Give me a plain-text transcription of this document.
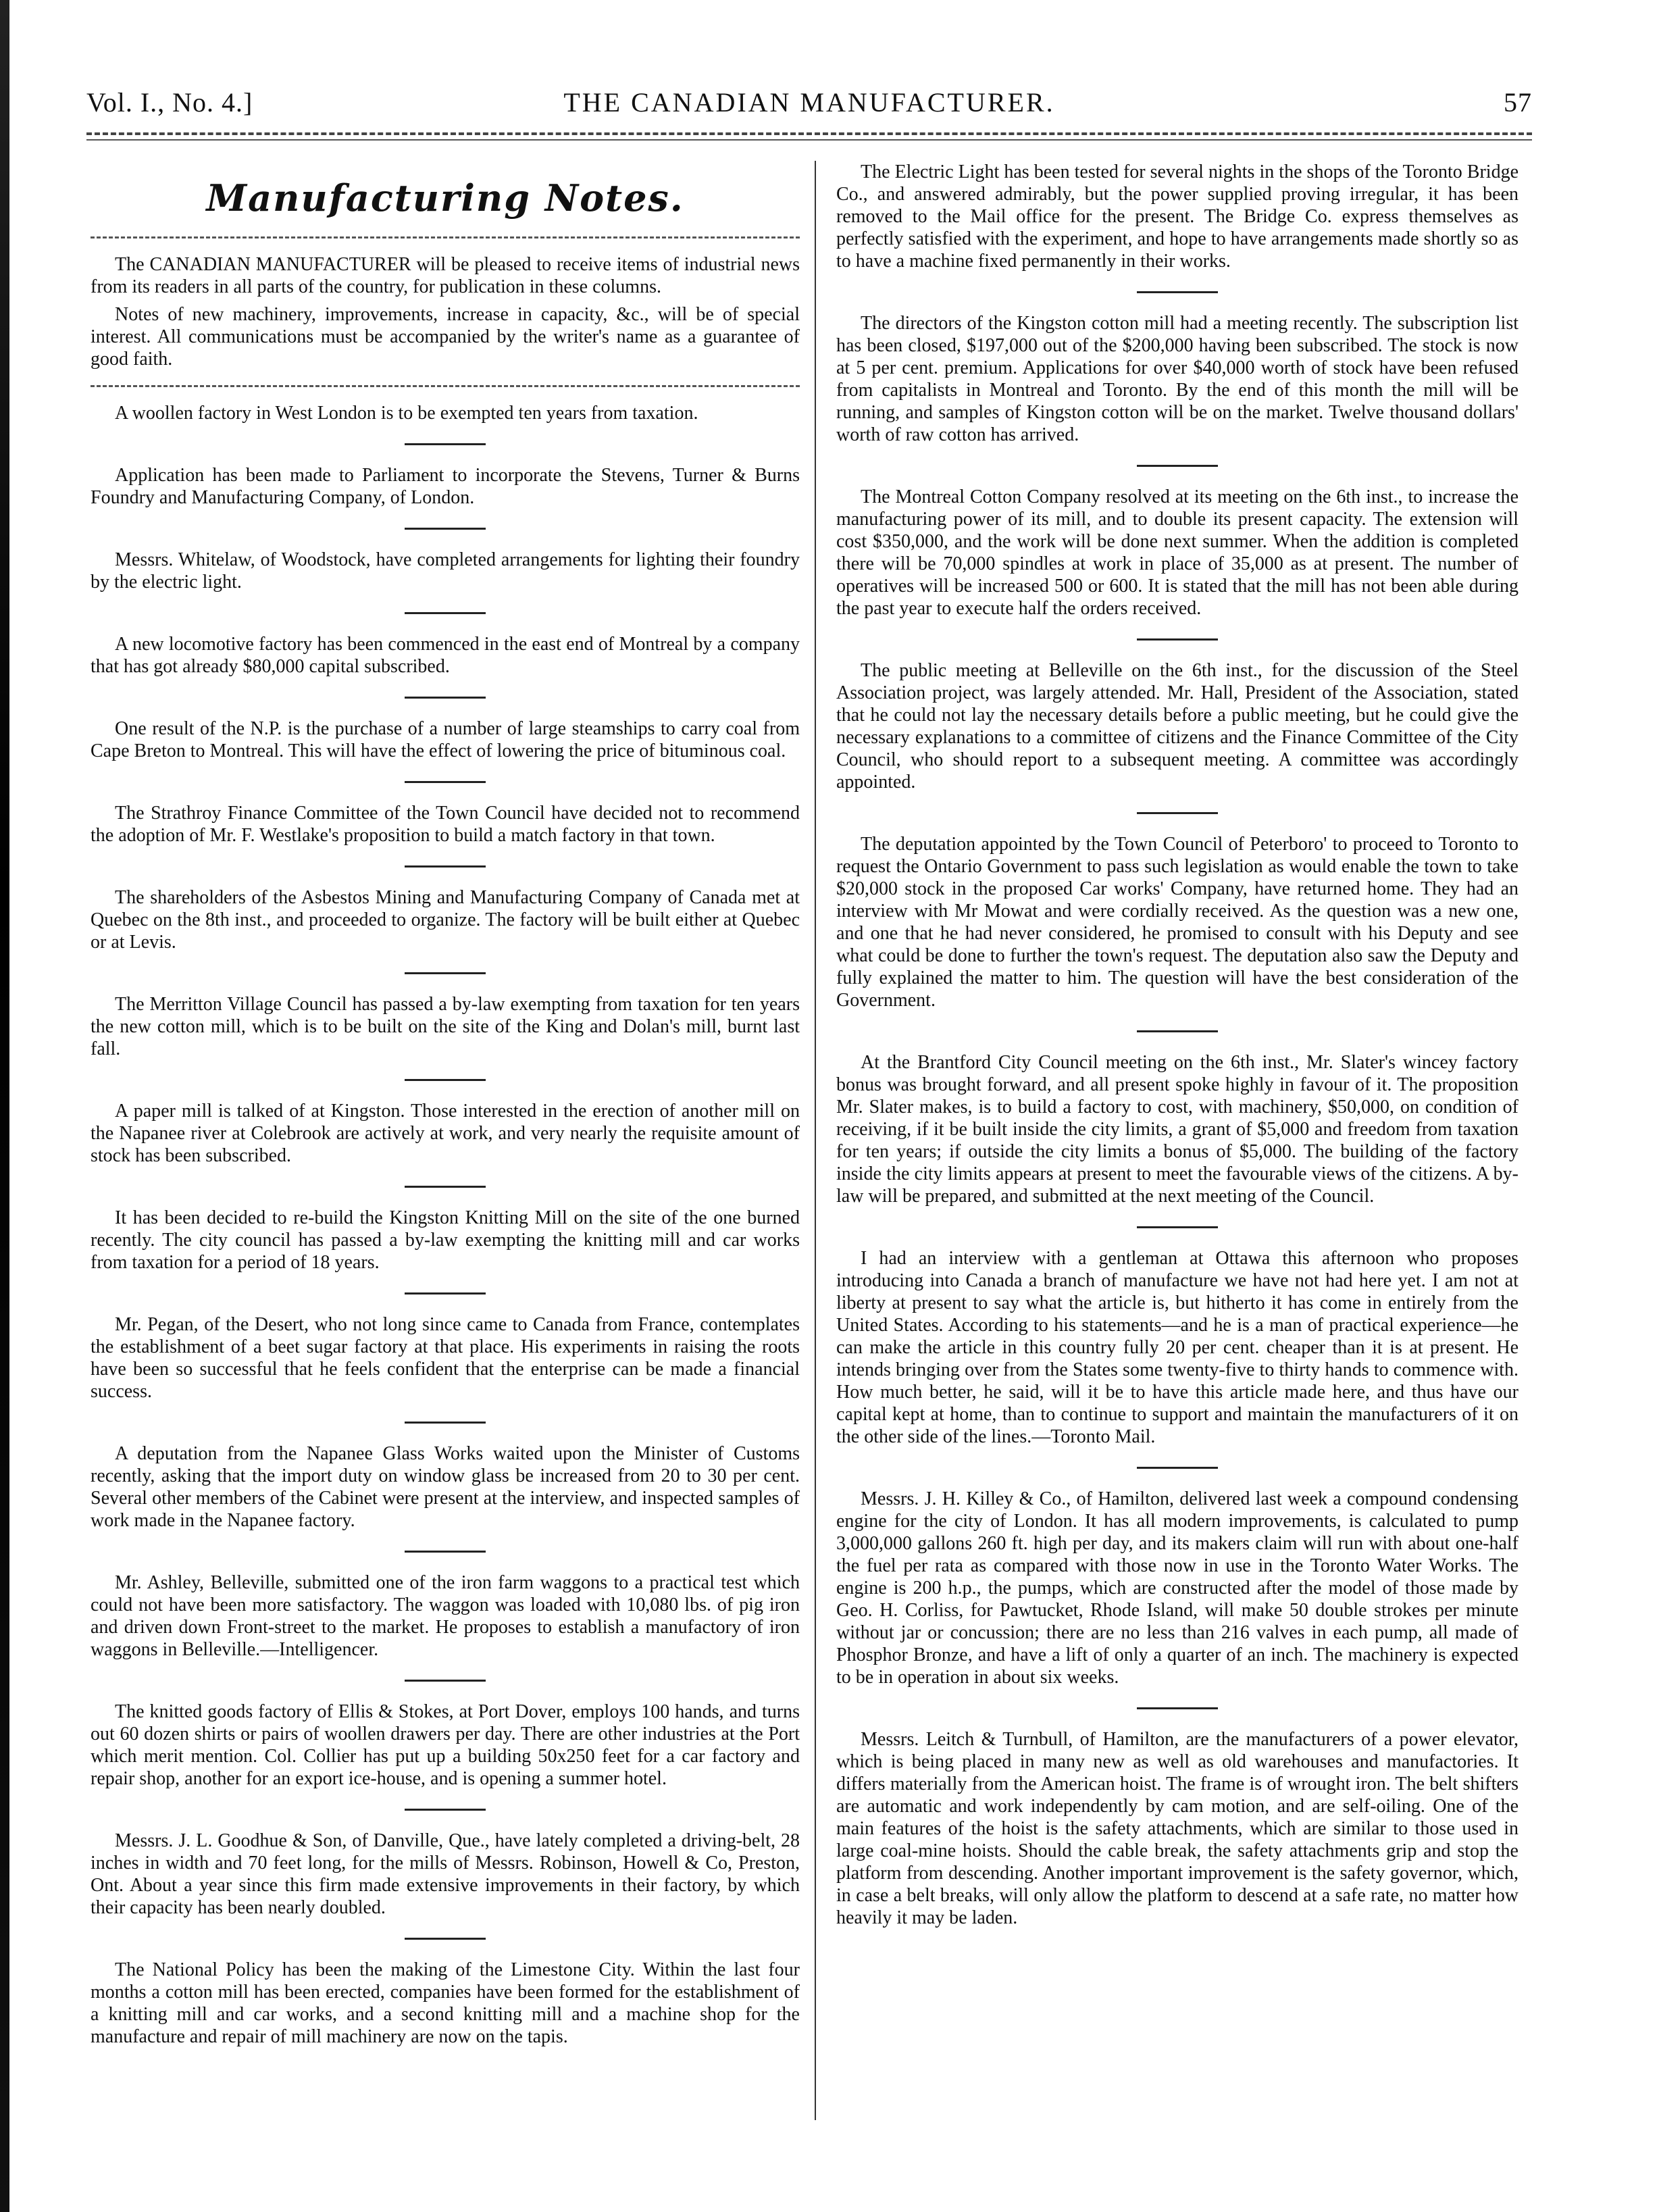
Vol. I., No. 4.]	THE CANADIAN MANUFACTURER.	57
Manufacturing Notes.

The CANADIAN MANUFACTURER will be pleased to receive items of industrial news from its readers in all parts of the country, for publication in these columns.

Notes of new machinery, improvements, increase in capacity, &c., will be of special interest. All communications must be accompanied by the writer's name as a guarantee of good faith.

A woollen factory in West London is to be exempted ten years from taxation.

Application has been made to Parliament to incorporate the Stevens, Turner & Burns Foundry and Manufacturing Company, of London.

Messrs. Whitelaw, of Woodstock, have completed arrangements for lighting their foundry by the electric light.

A new locomotive factory has been commenced in the east end of Montreal by a company that has got already $80,000 capital subscribed.

One result of the N.P. is the purchase of a number of large steamships to carry coal from Cape Breton to Montreal. This will have the effect of lowering the price of bituminous coal.

The Strathroy Finance Committee of the Town Council have decided not to recommend the adoption of Mr. F. Westlake's proposition to build a match factory in that town.

The shareholders of the Asbestos Mining and Manufacturing Company of Canada met at Quebec on the 8th inst., and proceeded to organize. The factory will be built either at Quebec or at Levis.

The Merritton Village Council has passed a by-law exempting from taxation for ten years the new cotton mill, which is to be built on the site of the King and Dolan's mill, burnt last fall.

A paper mill is talked of at Kingston. Those interested in the erection of another mill on the Napanee river at Colebrook are actively at work, and very nearly the requisite amount of stock has been subscribed.

It has been decided to re-build the Kingston Knitting Mill on the site of the one burned recently. The city council has passed a by-law exempting the knitting mill and car works from taxation for a period of 18 years.

Mr. Pegan, of the Desert, who not long since came to Canada from France, contemplates the establishment of a beet sugar factory at that place. His experiments in raising the roots have been so successful that he feels confident that the enterprise can be made a financial success.

A deputation from the Napanee Glass Works waited upon the Minister of Customs recently, asking that the import duty on window glass be increased from 20 to 30 per cent. Several other members of the Cabinet were present at the interview, and inspected samples of work made in the Napanee factory.

Mr. Ashley, Belleville, submitted one of the iron farm waggons to a practical test which could not have been more satisfactory. The waggon was loaded with 10,080 lbs. of pig iron and driven down Front-street to the market. He proposes to establish a manufactory of iron waggons in Belleville.—Intelligencer.

The knitted goods factory of Ellis & Stokes, at Port Dover, employs 100 hands, and turns out 60 dozen shirts or pairs of woollen drawers per day. There are other industries at the Port which merit mention. Col. Collier has put up a building 50x250 feet for a car factory and repair shop, another for an export ice-house, and is opening a summer hotel.

Messrs. J. L. Goodhue & Son, of Danville, Que., have lately completed a driving-belt, 28 inches in width and 70 feet long, for the mills of Messrs. Robinson, Howell & Co, Preston, Ont. About a year since this firm made extensive improvements in their factory, by which their capacity has been nearly doubled.

The National Policy has been the making of the Limestone City. Within the last four months a cotton mill has been erected, companies have been formed for the establishment of a knitting mill and car works, and a second knitting mill and a machine shop for the manufacture and repair of mill machinery are now on the tapis.

The Electric Light has been tested for several nights in the shops of the Toronto Bridge Co., and answered admirably, but the power supplied proving irregular, it has been removed to the Mail office for the present. The Bridge Co. express themselves as perfectly satisfied with the experiment, and hope to have arrangements made shortly so as to have a machine fixed permanently in their works.

The directors of the Kingston cotton mill had a meeting recently. The subscription list has been closed, $197,000 out of the $200,000 having been subscribed. The stock is now at 5 per cent. premium. Applications for over $40,000 worth of stock have been refused from capitalists in Montreal and Toronto. By the end of this month the mill will be running, and samples of Kingston cotton will be on the market. Twelve thousand dollars' worth of raw cotton has arrived.

The Montreal Cotton Company resolved at its meeting on the 6th inst., to increase the manufacturing power of its mill, and to double its present capacity. The extension will cost $350,000, and the work will be done next summer. When the addition is completed there will be 70,000 spindles at work in place of 35,000 as at present. The number of operatives will be increased 500 or 600. It is stated that the mill has not been able during the past year to execute half the orders received.

The public meeting at Belleville on the 6th inst., for the discussion of the Steel Association project, was largely attended. Mr. Hall, President of the Association, stated that he could not lay the necessary details before a public meeting, but he could give the necessary explanations to a committee of citizens and the Finance Committee of the City Council, who should report to a subsequent meeting. A committee was accordingly appointed.

The deputation appointed by the Town Council of Peterboro' to proceed to Toronto to request the Ontario Government to pass such legislation as would enable the town to take $20,000 stock in the proposed Car works' Company, have returned home. They had an interview with Mr Mowat and were cordially received. As the question was a new one, and one that he had never considered, he promised to consult with his Deputy and see what could be done to further the town's request. The deputation also saw the Deputy and fully explained the matter to him. The question will have the best consideration of the Government.

At the Brantford City Council meeting on the 6th inst., Mr. Slater's wincey factory bonus was brought forward, and all present spoke highly in favour of it. The proposition Mr. Slater makes, is to build a factory to cost, with machinery, $50,000, on condition of receiving, if it be built inside the city limits, a grant of $5,000 and freedom from taxation for ten years; if outside the city limits a bonus of $5,000. The building of the factory inside the city limits appears at present to meet the favourable views of the citizens. A by-law will be prepared, and submitted at the next meeting of the Council.

I had an interview with a gentleman at Ottawa this afternoon who proposes introducing into Canada a branch of manufacture we have not had here yet. I am not at liberty at present to say what the article is, but hitherto it has come in entirely from the United States. According to his statements—and he is a man of practical experience—he can make the article in this country fully 20 per cent. cheaper than it is at present. He intends bringing over from the States some twenty-five to thirty hands to commence with. How much better, he said, will it be to have this article made here, and thus have our capital kept at home, than to continue to support and maintain the manufacturers of it on the other side of the lines.—Toronto Mail.

Messrs. J. H. Killey & Co., of Hamilton, delivered last week a compound condensing engine for the city of London. It has all modern improvements, is calculated to pump 3,000,000 gallons 260 ft. high per day, and its makers claim will run with about one-half the fuel per rata as compared with those now in use in the Toronto Water Works. The engine is 200 h.p., the pumps, which are constructed after the model of those made by Geo. H. Corliss, for Pawtucket, Rhode Island, will make 50 double strokes per minute without jar or concussion; there are no less than 216 valves in each pump, all made of Phosphor Bronze, and have a lift of only a quarter of an inch. The machinery is expected to be in operation in about six weeks.

Messrs. Leitch & Turnbull, of Hamilton, are the manufacturers of a power elevator, which is being placed in many new as well as old warehouses and manufactories. It differs materially from the American hoist. The frame is of wrought iron. The belt shifters are automatic and work independently by cam motion, and are self-oiling. One of the main features of the hoist is the safety attachments, which are similar to those used in large coal-mine hoists. Should the cable break, the safety attachments grip and stop the platform from descending. Another important improvement is the safety governor, which, in case a belt breaks, will only allow the platform to descend at a safe rate, no matter how heavily it may be laden.
